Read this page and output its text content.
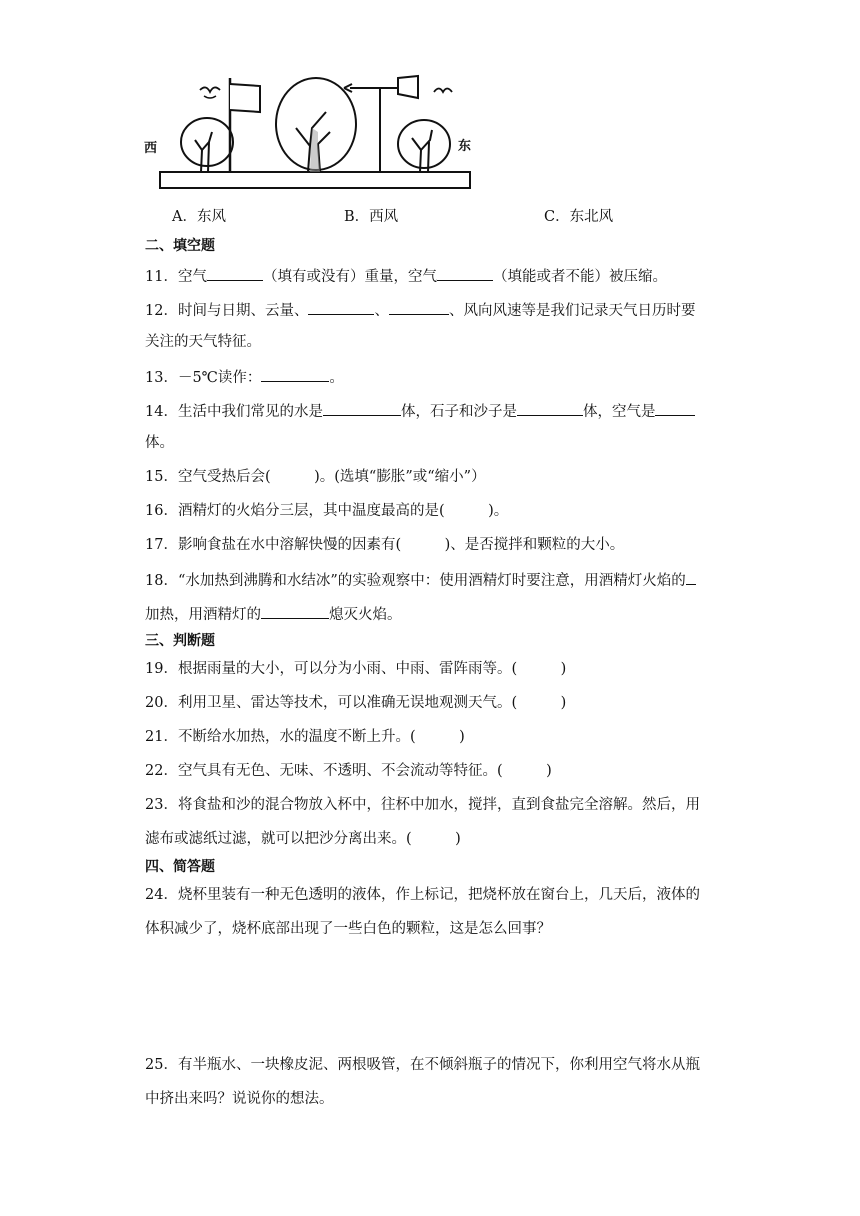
西	东
A．东风	B．西风	C．东北风
二、填空题
11．空气	（填有或没有）重量，空气	（填能或者不能）被压缩。
12．时间与日期、云量、	、	、风向风速等是我们记录天气日历时要
关注的天气特征。
13．－5℃读作：	。
14．生活中我们常见的水是	体，石子和沙子是	体，空气是
体。
15．空气受热后会(　　　)。(选填“膨胀”或“缩小”）
16．酒精灯的火焰分三层，其中温度最高的是(　　　)。
17．影响食盐在水中溶解快慢的因素有(　　　)、是否搅拌和颗粒的大小。
18．“水加热到沸腾和水结冰”的实验观察中：使用酒精灯时要注意，用酒精灯火焰的
加热，用酒精灯的	熄灭火焰。
三、判断题
19．根据雨量的大小，可以分为小雨、中雨、雷阵雨等。(　　　)
20．利用卫星、雷达等技术，可以准确无误地观测天气。(　　　)
21．不断给水加热，水的温度不断上升。(　　　)
22．空气具有无色、无味、不透明、不会流动等特征。(　　　)
23．将食盐和沙的混合物放入杯中，往杯中加水，搅拌，直到食盐完全溶解。然后，用
滤布或滤纸过滤，就可以把沙分离出来。(　　　)
四、简答题
24．烧杯里装有一种无色透明的液体，作上标记，把烧杯放在窗台上，几天后，液体的
体积减少了，烧杯底部出现了一些白色的颗粒，这是怎么回事？
25．有半瓶水、一块橡皮泥、两根吸管，在不倾斜瓶子的情况下，你利用空气将水从瓶
中挤出来吗？说说你的想法。
